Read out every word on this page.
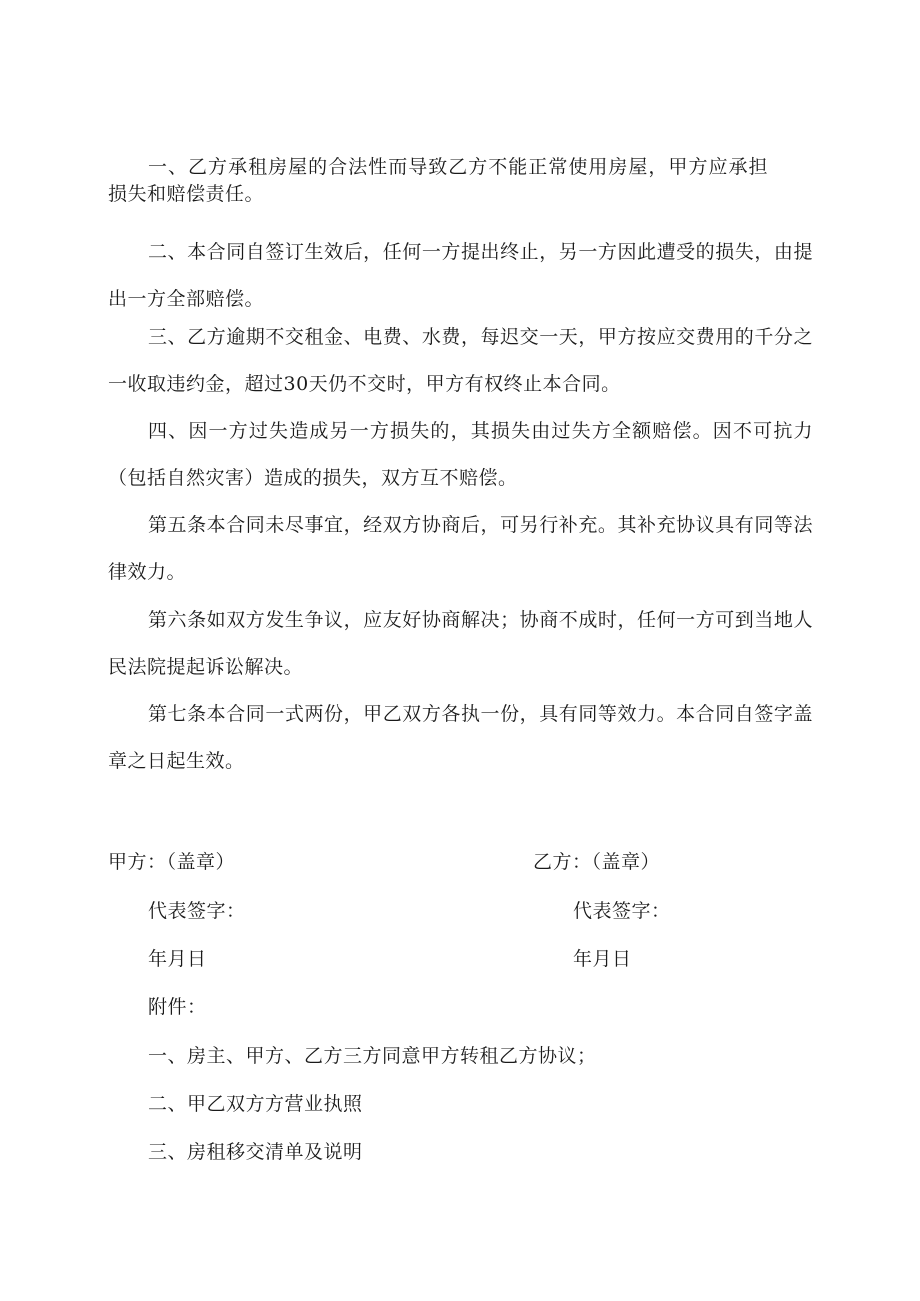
一、乙方承租房屋的合法性而导致乙方不能正常使用房屋，甲方应承担损失和赔偿责任。

二、本合同自签订生效后，任何一方提出终止，另一方因此遭受的损失，由提出一方全部赔偿。

三、乙方逾期不交租金、电费、水费，每迟交一天，甲方按应交费用的千分之一收取违约金，超过30天仍不交时，甲方有权终止本合同。

四、因一方过失造成另一方损失的，其损失由过失方全额赔偿。因不可抗力（包括自然灾害）造成的损失，双方互不赔偿。

第五条本合同未尽事宜，经双方协商后，可另行补充。其补充协议具有同等法律效力。

第六条如双方发生争议，应友好协商解决；协商不成时，任何一方可到当地人民法院提起诉讼解决。

第七条本合同一式两份，甲乙双方各执一份，具有同等效力。本合同自签字盖章之日起生效。

甲方：（盖章）	乙方：（盖章）

代表签字：	代表签字：

年月日	年月日

附件：

一、房主、甲方、乙方三方同意甲方转租乙方协议；

二、甲乙双方方营业执照

三、房租移交清单及说明
